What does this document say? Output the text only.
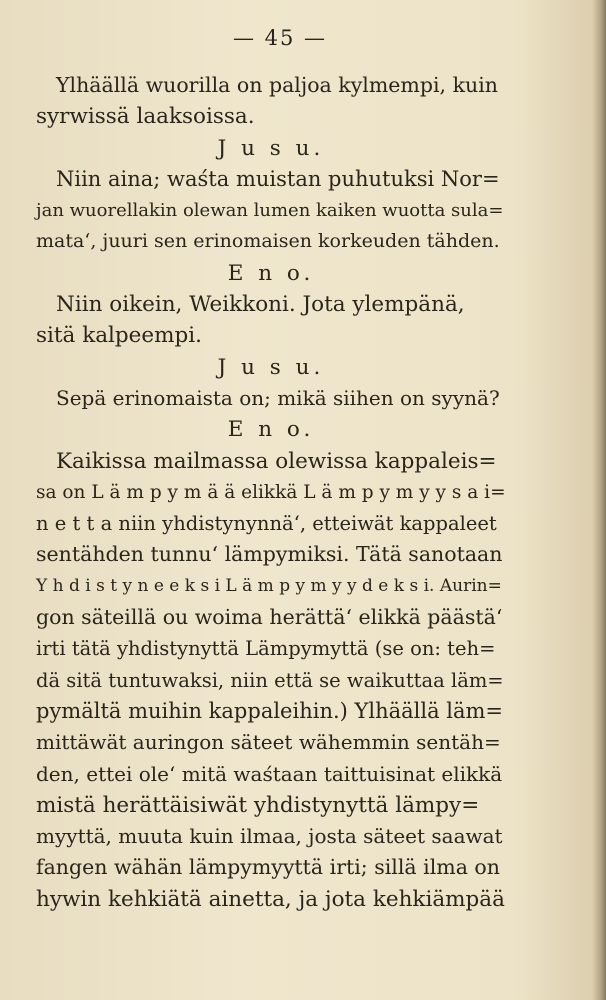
— 45 —
Ylhäällä wuorilla on paljoa kylmempi, kuin
syrwissä laaksoissa.
J u s u.
Niin aina; waśta muistan puhutuksi Nor=
jan wuorellakin olewan lumen kaiken wuotta sula=
mata‘, juuri sen erinomaisen korkeuden tähden.
E n o.
Niin oikein, Weikkoni. Jota ylempänä,
sitä kalpeempi.
J u s u.
Sepä erinomaista on; mikä siihen on syynä?
E n o.
Kaikissa mailmassa olewissa kappaleis=
sa on L ä m p y m ä ä elikkä L ä m p y m y y s a i=
n e t t a niin yhdistynynnä‘, etteiwät kappaleet
sentähden tunnu‘ lämpymiksi. Tätä sanotaan
Y h d i s t y n e e k s i L ä m p y m y y d e k s i. Aurin=
gon säteillä ou woima herättä‘ elikkä päästä‘
irti tätä yhdistynyttä Lämpymyttä (se on: teh=
dä sitä tuntuwaksi, niin että se waikuttaa läm=
pymältä muihin kappaleihin.) Ylhäällä läm=
mittäwät auringon säteet wähemmin sentäh=
den, ettei ole‘ mitä waśtaan taittuisinat elikkä
mistä herättäisiwät yhdistynyttä lämpy=
myyttä, muuta kuin ilmaa, josta säteet saawat
fangen wähän lämpymyyttä irti; sillä ilma on
hywin kehkiätä ainetta, ja jota kehkiämpää
